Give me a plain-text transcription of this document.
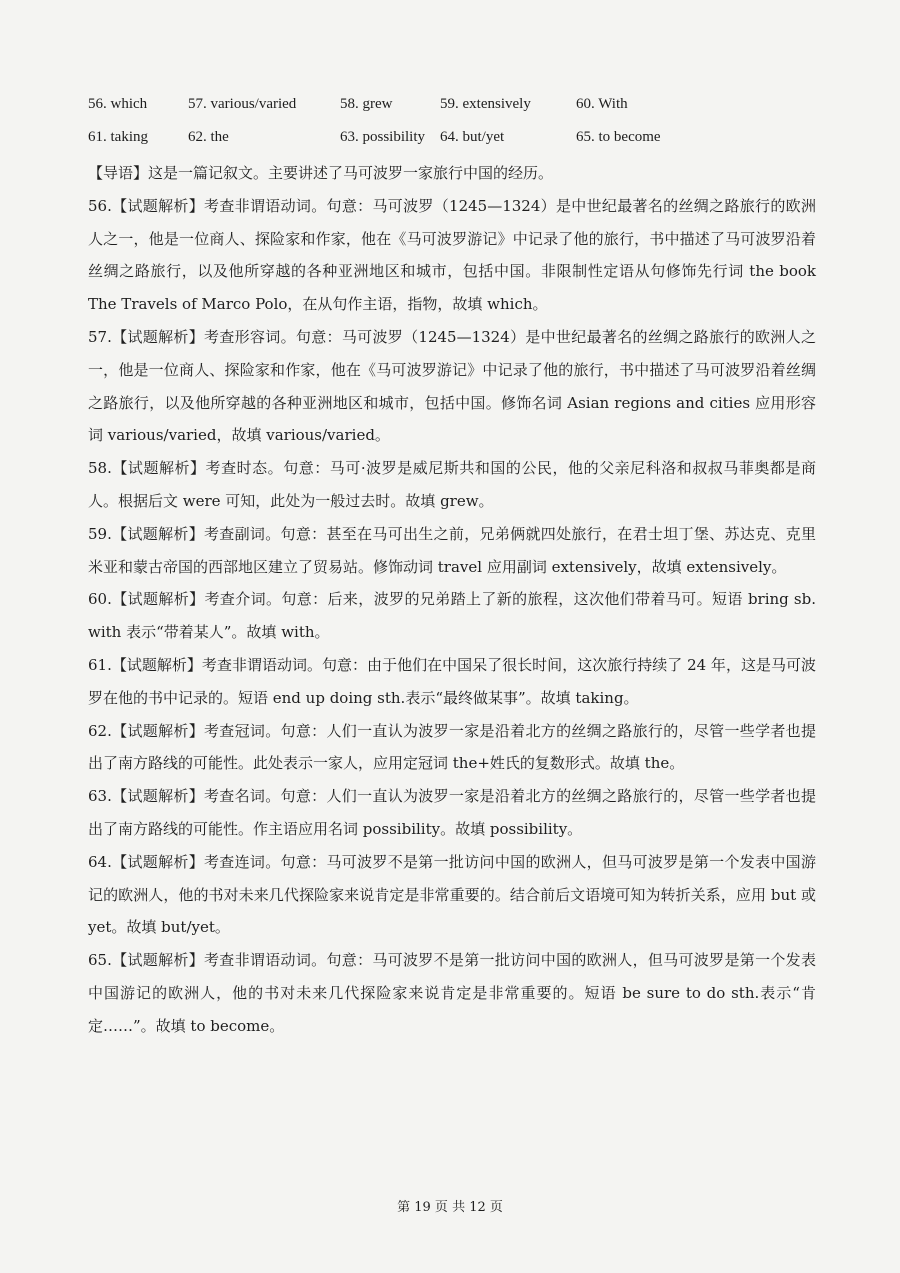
56. which	57. various/varied	58. grew	59. extensively	60. With
61. taking	62. the	63. possibility 64. but/yet	65. to become

【导语】这是一篇记叙文。主要讲述了马可波罗一家旅行中国的经历。

56.【试题解析】考查非谓语动词。句意：马可波罗（1245—1324）是中世纪最著名的丝绸之路旅行的欧洲人之一，他是一位商人、探险家和作家，他在《马可波罗游记》中记录了他的旅行，书中描述了马可波罗沿着丝绸之路旅行，以及他所穿越的各种亚洲地区和城市，包括中国。非限制性定语从句修饰先行词 the book The Travels of Marco Polo，在从句作主语，指物，故填 which。

57.【试题解析】考查形容词。句意：马可波罗（1245—1324）是中世纪最著名的丝绸之路旅行的欧洲人之一，他是一位商人、探险家和作家，他在《马可波罗游记》中记录了他的旅行，书中描述了马可波罗沿着丝绸之路旅行，以及他所穿越的各种亚洲地区和城市，包括中国。修饰名词 Asian regions and cities 应用形容词 various/varied，故填 various/varied。

58.【试题解析】考查时态。句意：马可·波罗是威尼斯共和国的公民，他的父亲尼科洛和叔叔马菲奥都是商人。根据后文 were 可知，此处为一般过去时。故填 grew。

59.【试题解析】考查副词。句意：甚至在马可出生之前，兄弟俩就四处旅行，在君士坦丁堡、苏达克、克里米亚和蒙古帝国的西部地区建立了贸易站。修饰动词 travel 应用副词 extensively，故填 extensively。

60.【试题解析】考查介词。句意：后来，波罗的兄弟踏上了新的旅程，这次他们带着马可。短语 bring sb. with 表示“带着某人”。故填 with。

61.【试题解析】考查非谓语动词。句意：由于他们在中国呆了很长时间，这次旅行持续了 24 年，这是马可波罗在他的书中记录的。短语 end up doing sth.表示“最终做某事”。故填 taking。

62.【试题解析】考查冠词。句意：人们一直认为波罗一家是沿着北方的丝绸之路旅行的，尽管一些学者也提出了南方路线的可能性。此处表示一家人，应用定冠词 the+姓氏的复数形式。故填 the。

63.【试题解析】考查名词。句意：人们一直认为波罗一家是沿着北方的丝绸之路旅行的，尽管一些学者也提出了南方路线的可能性。作主语应用名词 possibility。故填 possibility。

64.【试题解析】考查连词。句意：马可波罗不是第一批访问中国的欧洲人，但马可波罗是第一个发表中国游记的欧洲人，他的书对未来几代探险家来说肯定是非常重要的。结合前后文语境可知为转折关系，应用 but 或 yet。故填 but/yet。

65.【试题解析】考查非谓语动词。句意：马可波罗不是第一批访问中国的欧洲人，但马可波罗是第一个发表中国游记的欧洲人，他的书对未来几代探险家来说肯定是非常重要的。短语 be sure to do sth.表示“肯定……”。故填 to become。

第 19 页 共 12 页
